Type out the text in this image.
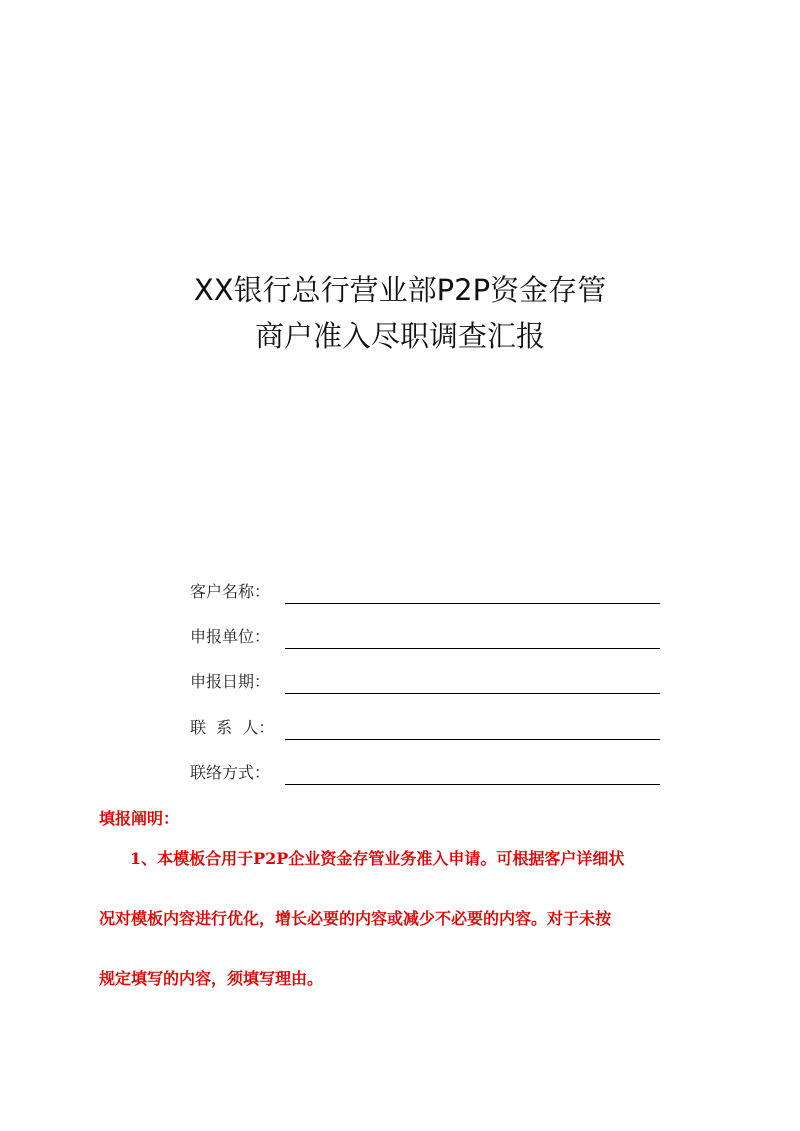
XX银行总行营业部P2P资金存管
商户准入尽职调查汇报
客户名称：
申报单位：
申报日期：
联  系  人：
联络方式：
填报阐明：
1、本模板合用于P2P企业资金存管业务准入申请。可根据客户详细状
况对模板内容进行优化，增长必要的内容或减少不必要的内容。对于未按
规定填写的内容，须填写理由。
